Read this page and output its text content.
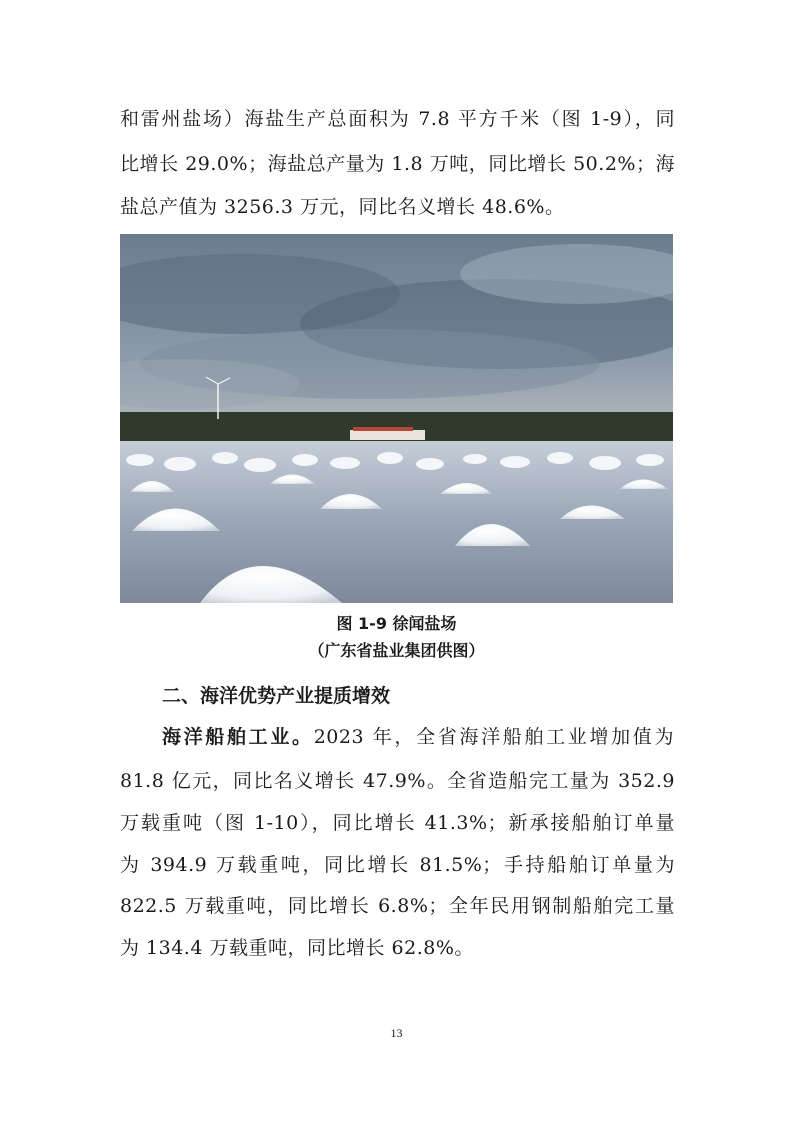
和雷州盐场）海盐生产总面积为 7.8 平方千米（图 1-9），同
比增长 29.0%；海盐总产量为 1.8 万吨，同比增长 50.2%；海
盐总产值为 3256.3 万元，同比名义增长 48.6%。
图 1-9 徐闻盐场
（广东省盐业集团供图）
二、海洋优势产业提质增效
海洋船舶工业。2023 年，全省海洋船舶工业增加值为
81.8 亿元，同比名义增长 47.9%。全省造船完工量为 352.9
万载重吨（图 1-10），同比增长 41.3%；新承接船舶订单量
为 394.9 万载重吨，同比增长 81.5%；手持船舶订单量为
822.5 万载重吨，同比增长 6.8%；全年民用钢制船舶完工量
为 134.4 万载重吨，同比增长 62.8%。
13
